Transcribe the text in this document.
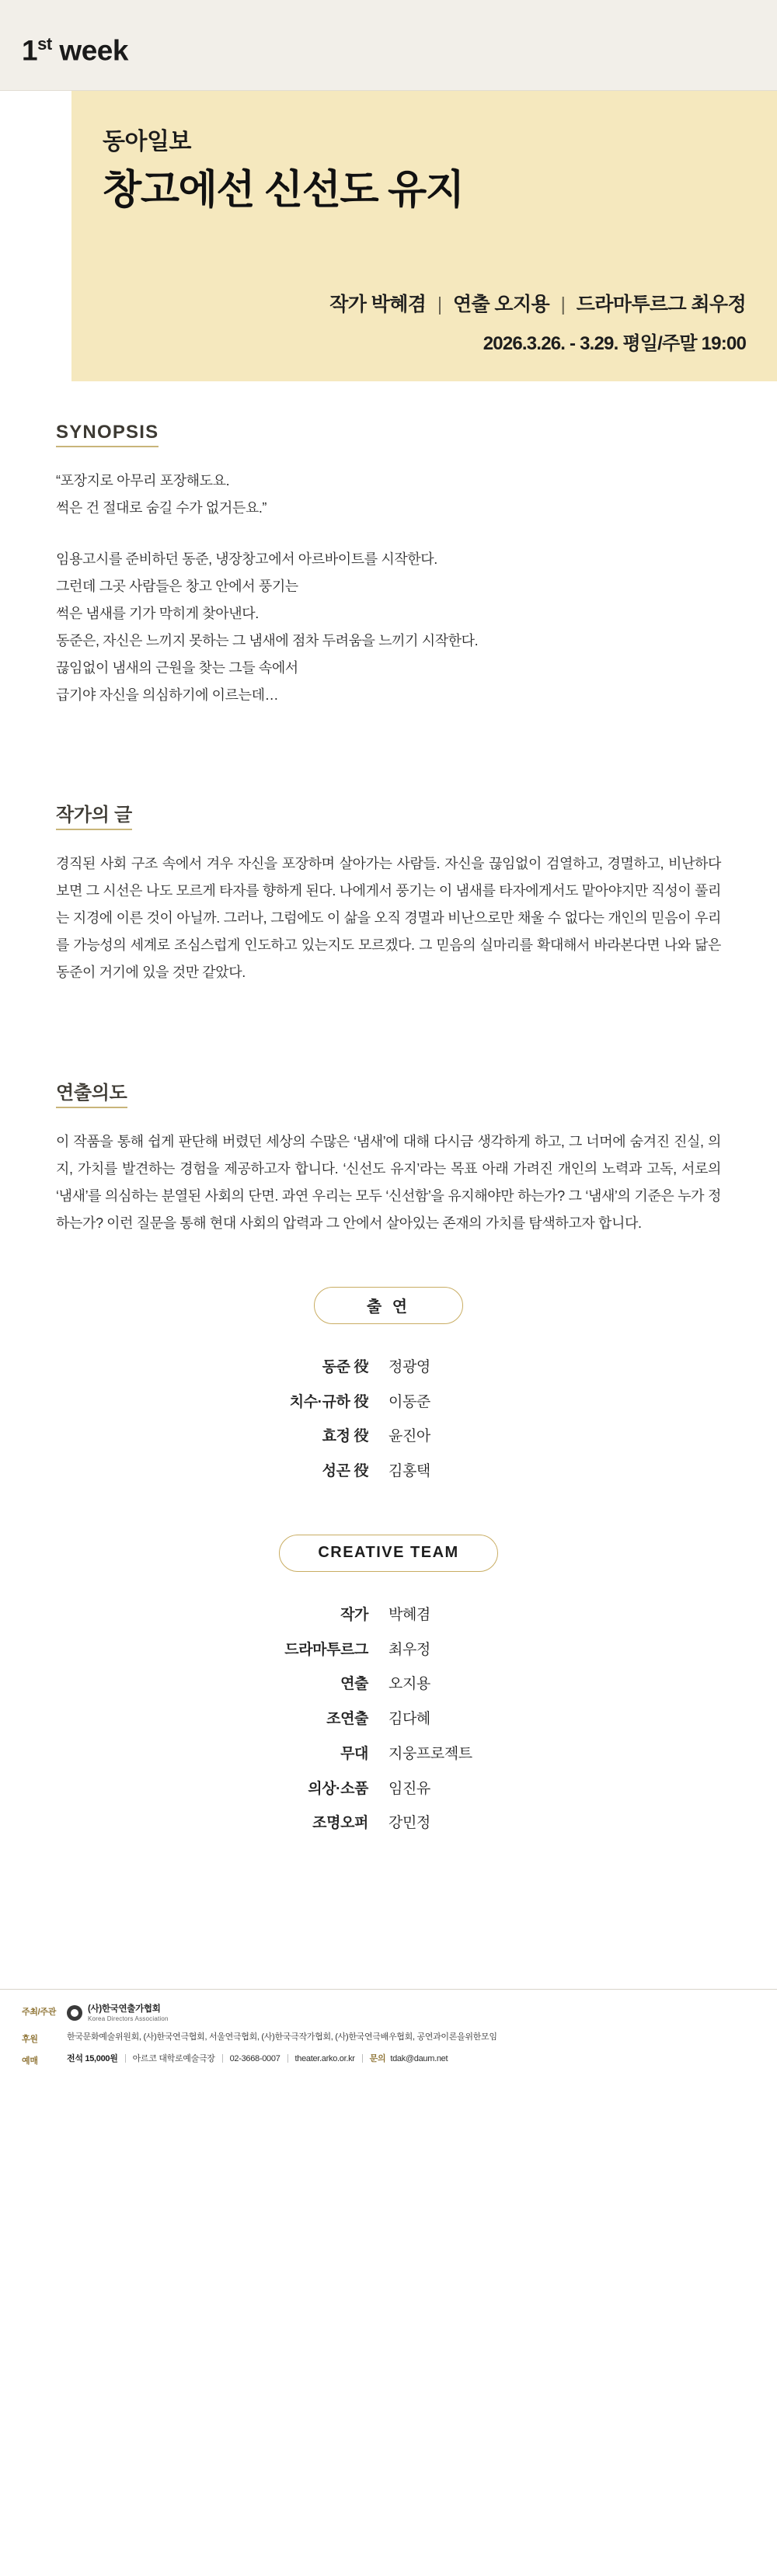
1st week
동아일보
창고에선 신선도 유지
작가 박혜겸 | 연출 오지용 | 드라마투르그 최우정
2026.3.26. - 3.29. 평일/주말 19:00
SYNOPSIS

“포장지로 아무리 포장해도요.

썩은 건 절대로 숨길 수가 없거든요.”

임용고시를 준비하던 동준, 냉장창고에서 아르바이트를 시작한다.

그런데 그곳 사람들은 창고 안에서 풍기는

썩은 냄새를 기가 막히게 찾아낸다.

동준은, 자신은 느끼지 못하는 그 냄새에 점차 두려움을 느끼기 시작한다.

끊임없이 냄새의 근원을 찾는 그들 속에서

급기야 자신을 의심하기에 이르는데…

작가의 글

경직된 사회 구조 속에서 겨우 자신을 포장하며 살아가는 사람들. 자신을 끊임없이 검열하고, 경멸하고, 비난하다 보면 그 시선은 나도 모르게 타자를 향하게 된다. 나에게서 풍기는 이 냄새를 타자에게서도 맡아야지만 직성이 풀리는 지경에 이른 것이 아닐까. 그러나, 그럼에도 이 삶을 오직 경멸과 비난으로만 채울 수 없다는 개인의 믿음이 우리를 가능성의 세계로 조심스럽게 인도하고 있는지도 모르겠다. 그 믿음의 실마리를 확대해서 바라본다면 나와 닮은 동준이 거기에 있을 것만 같았다.

연출의도

이 작품을 통해 쉽게 판단해 버렸던 세상의 수많은 ‘냄새’에 대해 다시금 생각하게 하고, 그 너머에 숨겨진 진실, 의지, 가치를 발견하는 경험을 제공하고자 합니다. ‘신선도 유지’라는 목표 아래 가려진 개인의 노력과 고독, 서로의 ‘냄새’를 의심하는 분열된 사회의 단면. 과연 우리는 모두 ‘신선함’을 유지해야만 하는가? 그 ‘냄새’의 기준은 누가 정하는가? 이런 질문을 통해 현대 사회의 압력과 그 안에서 살아있는 존재의 가치를 탐색하고자 합니다.

출 연
동준 役	정광영
치수·규하 役	이동준
효정 役	윤진아
성곤 役	김홍택
CREATIVE TEAM
작가	박혜겸
드라마투르그	최우정
연출	오지용
조연출	김다혜
무대	지웅프로젝트
의상·소품	임진유
조명오퍼	강민정
주최/주관	(사)한국연출가협회
Korea Directors Association
후원	한국문화예술위원회, (사)한국연극협회, 서울연극협회, (사)한국극작가협회, (사)한국연극배우협회, 공연과이론을위한모임
예매	전석 15,000원 아르코 대학로예술극장 02-3668-0007 theater.arko.or.kr 문의 tdak@daum.net
